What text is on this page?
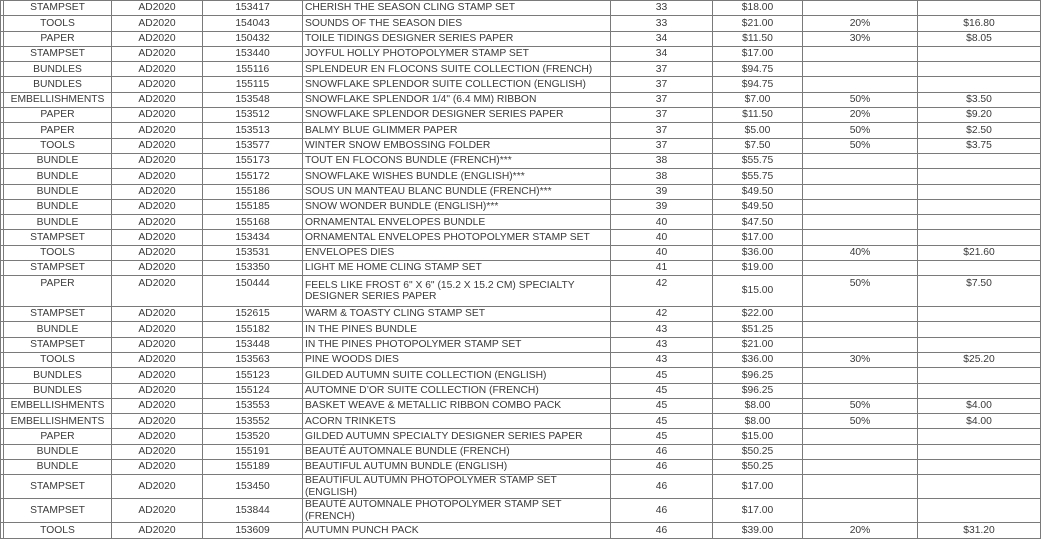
	STAMPSET	AD2020	153417	CHERISH THE SEASON CLING STAMP SET	33	$18.00		
	TOOLS	AD2020	154043	SOUNDS OF THE SEASON DIES	33	$21.00	20%	$16.80
	PAPER	AD2020	150432	TOILE TIDINGS DESIGNER SERIES PAPER	34	$11.50	30%	$8.05
	STAMPSET	AD2020	153440	JOYFUL HOLLY PHOTOPOLYMER STAMP SET	34	$17.00		
	BUNDLES	AD2020	155116	SPLENDEUR EN FLOCONS SUITE COLLECTION (FRENCH)	37	$94.75		
	BUNDLES	AD2020	155115	SNOWFLAKE SPLENDOR SUITE COLLECTION (ENGLISH)	37	$94.75		
	EMBELLISHMENTS	AD2020	153548	SNOWFLAKE SPLENDOR 1/4" (6.4 MM) RIBBON	37	$7.00	50%	$3.50
	PAPER	AD2020	153512	SNOWFLAKE SPLENDOR DESIGNER SERIES PAPER	37	$11.50	20%	$9.20
	PAPER	AD2020	153513	BALMY BLUE GLIMMER PAPER	37	$5.00	50%	$2.50
	TOOLS	AD2020	153577	WINTER SNOW EMBOSSING FOLDER	37	$7.50	50%	$3.75
	BUNDLE	AD2020	155173	TOUT EN FLOCONS BUNDLE (FRENCH)***	38	$55.75		
	BUNDLE	AD2020	155172	SNOWFLAKE WISHES BUNDLE (ENGLISH)***	38	$55.75		
	BUNDLE	AD2020	155186	SOUS UN MANTEAU BLANC BUNDLE (FRENCH)***	39	$49.50		
	BUNDLE	AD2020	155185	SNOW WONDER BUNDLE (ENGLISH)***	39	$49.50		
	BUNDLE	AD2020	155168	ORNAMENTAL ENVELOPES BUNDLE	40	$47.50		
	STAMPSET	AD2020	153434	ORNAMENTAL ENVELOPES PHOTOPOLYMER STAMP SET	40	$17.00		
	TOOLS	AD2020	153531	ENVELOPES DIES	40	$36.00	40%	$21.60
	STAMPSET	AD2020	153350	LIGHT ME HOME CLING STAMP SET	41	$19.00		
	PAPER	AD2020	150444	FEELS LIKE FROST 6" X 6" (15.2 X 15.2 CM) SPECIALTY DESIGNER SERIES PAPER	42	$15.00	50%	$7.50
	STAMPSET	AD2020	152615	WARM & TOASTY CLING STAMP SET	42	$22.00		
	BUNDLE	AD2020	155182	IN THE PINES BUNDLE	43	$51.25		
	STAMPSET	AD2020	153448	IN THE PINES PHOTOPOLYMER STAMP SET	43	$21.00		
	TOOLS	AD2020	153563	PINE WOODS DIES	43	$36.00	30%	$25.20
	BUNDLES	AD2020	155123	GILDED AUTUMN SUITE COLLECTION (ENGLISH)	45	$96.25		
	BUNDLES	AD2020	155124	AUTOMNE D’OR SUITE COLLECTION (FRENCH)	45	$96.25		
	EMBELLISHMENTS	AD2020	153553	BASKET WEAVE & METALLIC RIBBON COMBO PACK	45	$8.00	50%	$4.00
	EMBELLISHMENTS	AD2020	153552	ACORN TRINKETS	45	$8.00	50%	$4.00
	PAPER	AD2020	153520	GILDED AUTUMN SPECIALTY DESIGNER SERIES PAPER	45	$15.00		
	BUNDLE	AD2020	155191	BEAUTÉ AUTOMNALE BUNDLE (FRENCH)	46	$50.25		
	BUNDLE	AD2020	155189	BEAUTIFUL AUTUMN BUNDLE (ENGLISH)	46	$50.25		
	STAMPSET	AD2020	153450	BEAUTIFUL AUTUMN PHOTOPOLYMER STAMP SET (ENGLISH)	46	$17.00		
	STAMPSET	AD2020	153844	BEAUTÉ AUTOMNALE PHOTOPOLYMER STAMP SET (FRENCH)	46	$17.00		
	TOOLS	AD2020	153609	AUTUMN PUNCH PACK	46	$39.00	20%	$31.20
